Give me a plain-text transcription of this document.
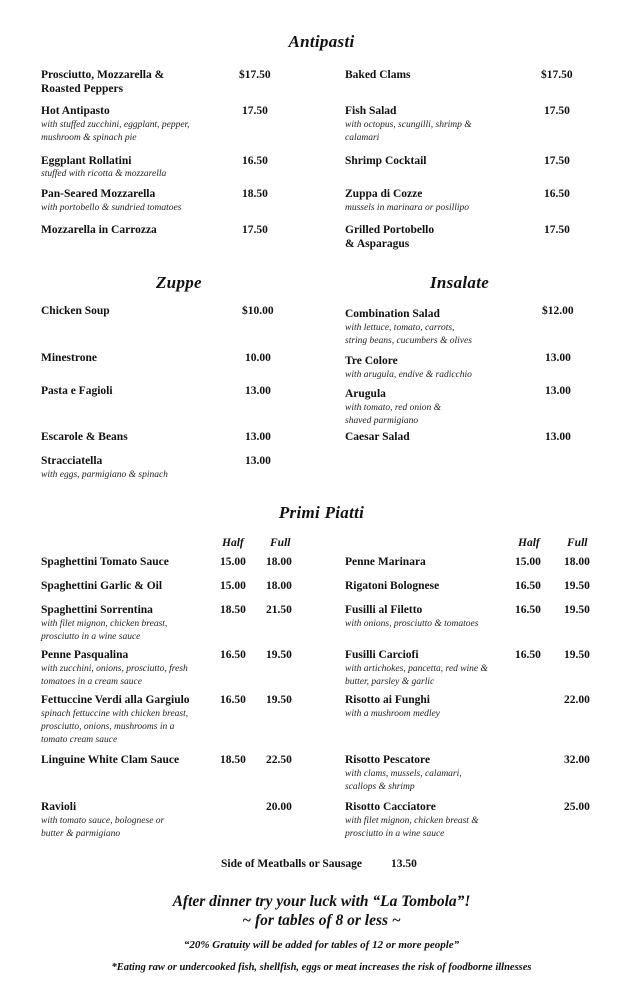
Antipasti
Prosciutto, Mozzarella &
Roasted Peppers
$17.50
Hot Antipasto
with stuffed zucchini, eggplant, pepper,
mushroom & spinach pie
17.50
Eggplant Rollatini
stuffed with ricotta & mozzarella
16.50
Pan-Seared Mozzarella
with portobello & sundried tomatoes
18.50
Mozzarella in Carrozza	17.50
Baked Clams	$17.50
Fish Salad
with octopus, scungilli, shrimp &
calamari
17.50
Shrimp Cocktail	17.50
Zuppa di Cozze
mussels in marinara or posillipo
16.50
Grilled Portobello
& Asparagus
17.50
Zuppe
Chicken Soup	$10.00
Minestrone	10.00
Pasta e Fagioli	13.00
Escarole & Beans	13.00
Stracciatella
with eggs, parmigiano & spinach
13.00
Insalate
Combination Salad
with lettuce, tomato, carrots,
string beans, cucumbers & olives
$12.00
Tre Colore
with arugula, endive & radicchio
13.00
Arugula
with tomato, red onion &
shaved parmigiano
13.00
Caesar Salad	13.00
Primi Piatti
Half Full	Half Full
Spaghettini Tomato Sauce	15.00 18.00
Spaghettini Garlic & Oil	15.00 18.00
Spaghettini Sorrentina
with filet mignon, chicken breast,
prosciutto in a wine sauce
18.50 21.50
Penne Pasqualina
with zucchini, onions, prosciutto, fresh
tomatoes in a cream sauce
16.50 19.50
Fettuccine Verdi alla Gargiulo
spinach fettuccine with chicken breast,
prosciutto, onions, mushrooms in a
tomato cream sauce
16.50 19.50
Linguine White Clam Sauce	18.50 22.50
Ravioli
with tomato sauce, bolognese or
butter & parmigiano
20.00
Penne Marinara	15.00 18.00
Rigatoni Bolognese	16.50 19.50
Fusilli al Filetto
with onions, prosciutto & tomatoes
16.50 19.50
Fusilli Carciofi
with artichokes, pancetta, red wine &
butter, parsley & garlic
16.50 19.50
Risotto ai Funghi
with a mushroom medley
22.00
Risotto Pescatore
with clams, mussels, calamari,
scallops & shrimp
32.00
Risotto Cacciatore
with filet mignon, chicken breast &
prosciutto in a wine sauce
25.00
Side of Meatballs or Sausage	13.50
After dinner try your luck with “La Tombola”!
~ for tables of 8 or less ~
“20% Gratuity will be added for tables of 12 or more people”
*Eating raw or undercooked fish, shellfish, eggs or meat increases the risk of foodborne illnesses
